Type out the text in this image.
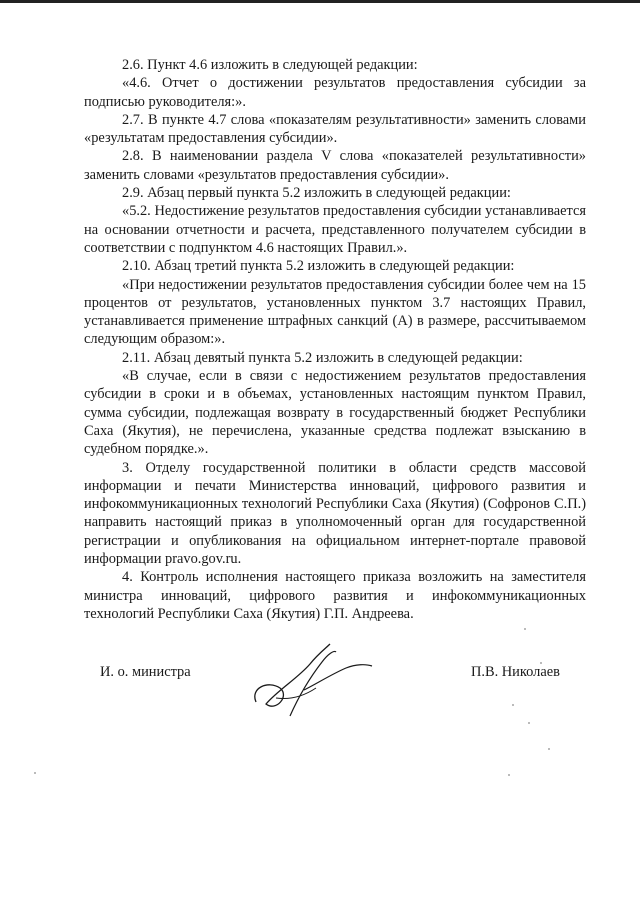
2.6. Пункт 4.6 изложить в следующей редакции:

«4.6. Отчет о достижении результатов предоставления субсидии за подписью руководителя:».

2.7. В пункте 4.7 слова «показателям результативности» заменить словами «результатам предоставления субсидии».

2.8. В наименовании раздела V слова «показателей результативности» заменить словами «результатов предоставления субсидии».

2.9. Абзац первый пункта 5.2 изложить в следующей редакции:

«5.2. Недостижение результатов предоставления субсидии устанавливается на основании отчетности и расчета, представленного получателем субсидии в соответствии с подпунктом 4.6 настоящих Правил.».

2.10. Абзац третий пункта 5.2 изложить в следующей редакции:

«При недостижении результатов предоставления субсидии более чем на 15 процентов от результатов, установленных пунктом 3.7 настоящих Правил, устанавливается применение штрафных санкций (А) в размере, рассчитываемом следующим образом:».

2.11. Абзац девятый пункта 5.2 изложить в следующей редакции:

«В случае, если в связи с недостижением результатов предоставления субсидии в сроки и в объемах, установленных настоящим пунктом Правил, сумма субсидии, подлежащая возврату в государственный бюджет Республики Саха (Якутия), не перечислена, указанные средства подлежат взысканию в судебном порядке.».

3. Отделу государственной политики в области средств массовой информации и печати Министерства инноваций, цифрового развития и инфокоммуникационных технологий Республики Саха (Якутия) (Софронов С.П.) направить настоящий приказ в уполномоченный орган для государственной регистрации и опубликования на официальном интернет-портале правовой информации pravo.gov.ru.

4. Контроль исполнения настоящего приказа возложить на заместителя министра инноваций, цифрового развития и инфокоммуникационных технологий Республики Саха (Якутия) Г.П. Андреева.

И. о. министра	П.В. Николаев
